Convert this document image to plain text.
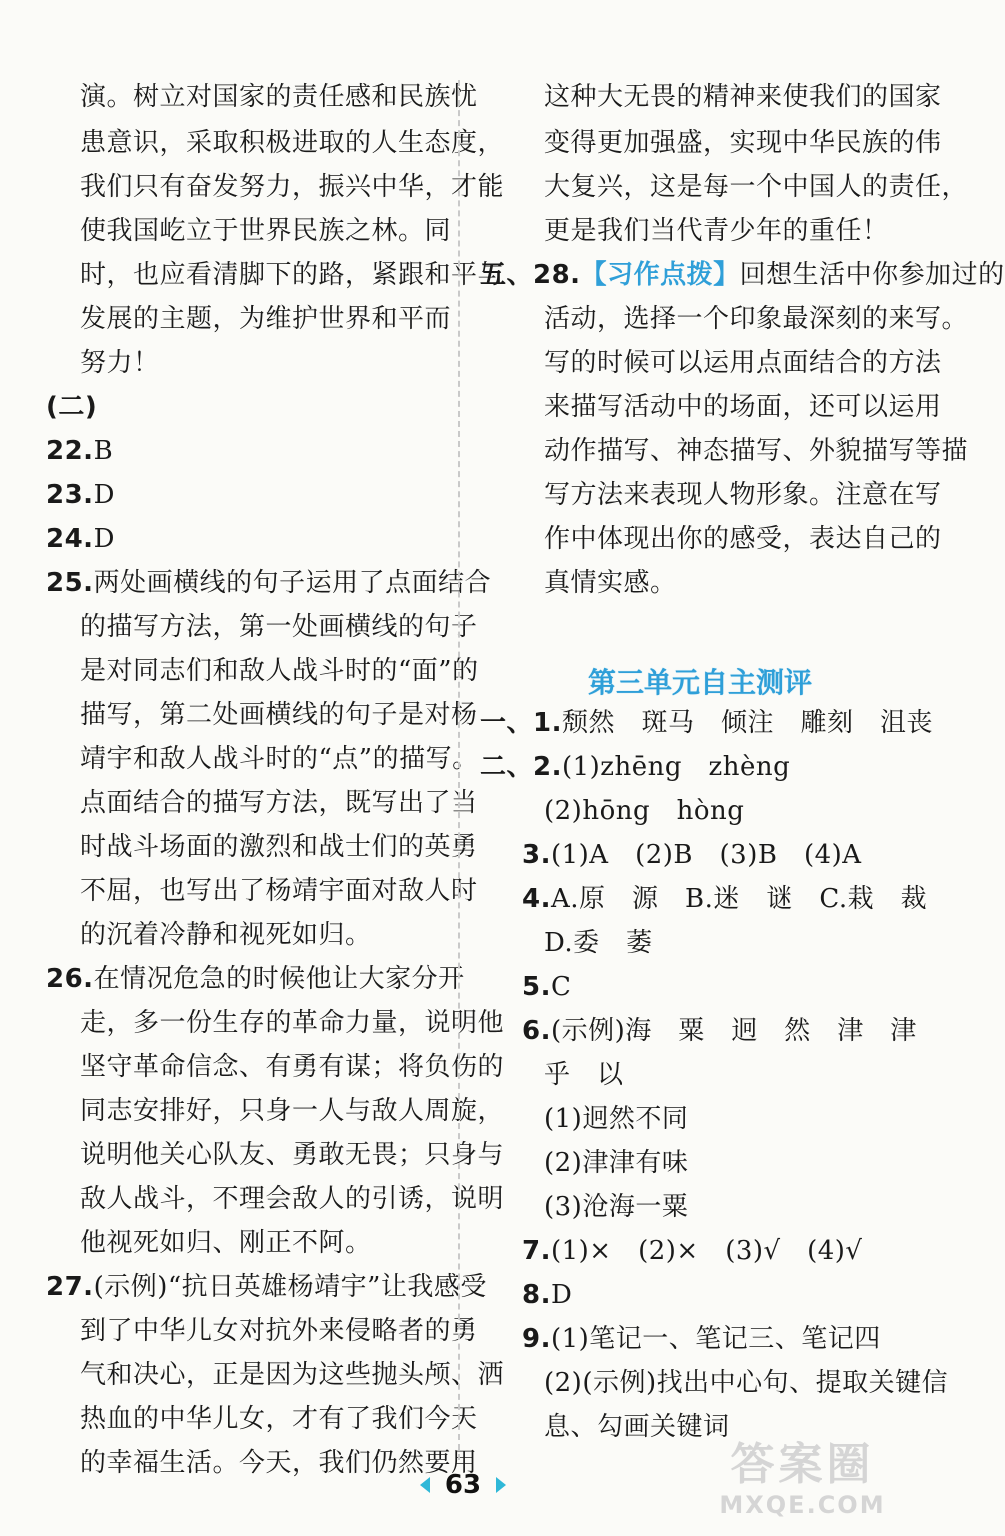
演。树立对国家的责任感和民族忧
患意识，采取积极进取的人生态度，
我们只有奋发努力，振兴中华，才能
使我国屹立于世界民族之林。同
时，也应看清脚下的路，紧跟和平与
发展的主题，为维护世界和平而
努力！
(二)
22.B
23.D
24.D
25.两处画横线的句子运用了点面结合
的描写方法，第一处画横线的句子
是对同志们和敌人战斗时的“面”的
描写，第二处画横线的句子是对杨
靖宇和敌人战斗时的“点”的描写。
点面结合的描写方法，既写出了当
时战斗场面的激烈和战士们的英勇
不屈，也写出了杨靖宇面对敌人时
的沉着冷静和视死如归。
26.在情况危急的时候他让大家分开
走，多一份生存的革命力量，说明他
坚守革命信念、有勇有谋；将负伤的
同志安排好，只身一人与敌人周旋，
说明他关心队友、勇敢无畏；只身与
敌人战斗，不理会敌人的引诱，说明
他视死如归、刚正不阿。
27.(示例)“抗日英雄杨靖宇”让我感受
到了中华儿女对抗外来侵略者的勇
气和决心，正是因为这些抛头颅、洒
热血的中华儿女，才有了我们今天
的幸福生活。今天，我们仍然要用
第三单元自主测评
这种大无畏的精神来使我们的国家
变得更加强盛，实现中华民族的伟
大复兴，这是每一个中国人的责任，
更是我们当代青少年的重任！
五、28.【习作点拨】回想生活中你参加过的
活动，选择一个印象最深刻的来写。
写的时候可以运用点面结合的方法
来描写活动中的场面，还可以运用
动作描写、神态描写、外貌描写等描
写方法来表现人物形象。注意在写
作中体现出你的感受，表达自己的
真情实感。
一、1.颓然　斑马　倾注　雕刻　沮丧
二、2.(1)zhēng　zhèng
(2)hōng　hòng
3.(1)A　(2)B　(3)B　(4)A
4.A.原　源　B.迷　谜　C.栽　裁
D.委　萎
5.C
6.(示例)海　粟　迥　然　津　津
乎　以
(1)迥然不同
(2)津津有味
(3)沧海一粟
7.(1)×　(2)×　(3)√　(4)√
8.D
9.(1)笔记一、笔记三、笔记四
(2)(示例)找出中心句、提取关键信
息、勾画关键词
63	答案圈
MXQE.COM
